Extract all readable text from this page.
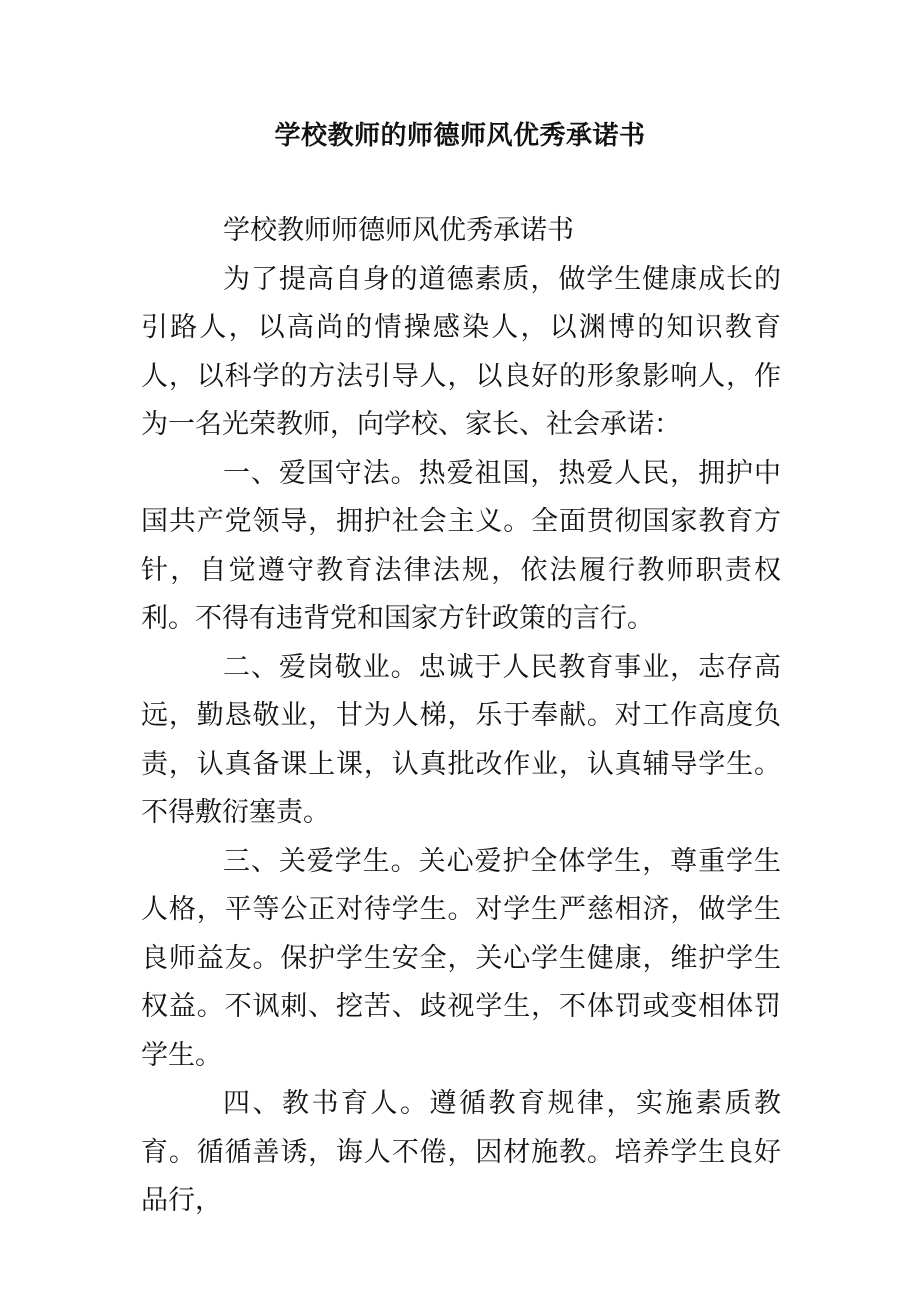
学校教师的师德师风优秀承诺书

学校教师师德师风优秀承诺书

为了提高自身的道德素质，做学生健康成长的引路人，以高尚的情操感染人，以渊博的知识教育人，以科学的方法引导人，以良好的形象影响人，作为一名光荣教师，向学校、家长、社会承诺：

一、爱国守法。热爱祖国，热爱人民，拥护中国共产党领导，拥护社会主义。全面贯彻国家教育方针，自觉遵守教育法律法规，依法履行教师职责权利。不得有违背党和国家方针政策的言行。

二、爱岗敬业。忠诚于人民教育事业，志存高远，勤恳敬业，甘为人梯，乐于奉献。对工作高度负责，认真备课上课，认真批改作业，认真辅导学生。不得敷衍塞责。

三、关爱学生。关心爱护全体学生，尊重学生人格，平等公正对待学生。对学生严慈相济，做学生良师益友。保护学生安全，关心学生健康，维护学生权益。不讽刺、挖苦、歧视学生，不体罚或变相体罚学生。

四、教书育人。遵循教育规律，实施素质教育。循循善诱，诲人不倦，因材施教。培养学生良好品行，
